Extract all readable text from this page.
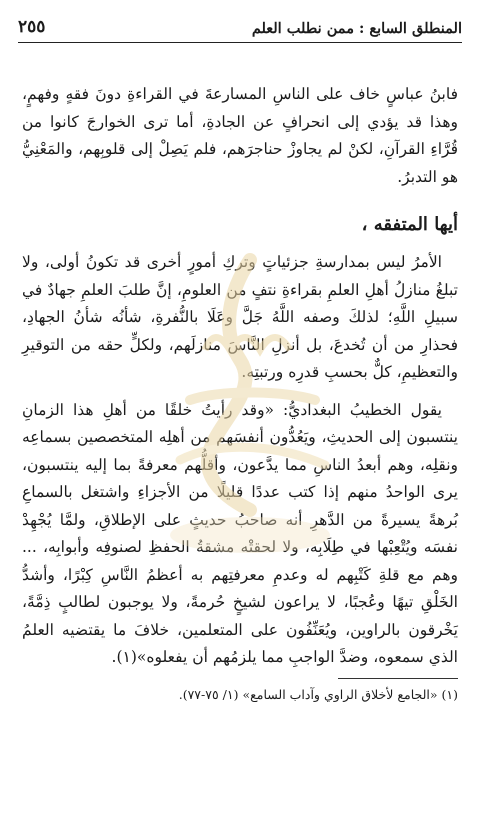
المنطلق السابع : ممن نطلب العلم
٢٥٥

فابنُ عباسٍ خاف على الناسِ المسارعةَ في القراءةِ دونَ فقهٍ وفهمٍ، وهذا قد يؤدي إلى انحرافٍ عن الجادةِ، أما ترى الخوارجَ كانوا من قُرَّاءِ القرآنِ، لكنْ لم يجاوزْ حناجرَهم، فلم يَصِلْ إلى قلوبِهم، والمَعْنِيُّ هو التدبرُ.

أيها المتفقه ،

الأمرُ ليس بمدارسةِ جزئياتٍ وتركِ أمورٍ أخرى قد تكونُ أولى، ولا تبلغُ منازلُ أهلِ العلمِ بقراءةِ نتفٍ من العلومِ، إنَّ طلبَ العلمِ جهادٌ في سبيلِ اللَّهِ؛ لذلكَ وصفه اللَّهُ جَلَّ وعَلَا بالنُّفرةِ، شأنُه شأنُ الجهادِ، فحذارِ من أن تُخدعَ، بل أنزلِ النَّاسَ منازلَهم، ولكلٍّ حقه من التوقيرِ والتعظيمِ، كلٌّ بحسبِ قدرِه ورتبتِه.

يقول الخطيبُ البغداديُّ: «وقد رأيتُ خلقًا من أهلِ هذا الزمانِ ينتسبون إلى الحديثِ، ويَعُدُّون أنفسَهم من أهلِه المتخصصين بسماعِه ونقلِه، وهم أبعدُ الناسِ مما يدَّعون، وأقلُّهم معرفةً بما إليه ينتسبون، يرى الواحدُ منهم إذا كتب عددًا قليلًا من الأجزاءِ واشتغل بالسماعِ بُرهةً يسيرةً من الدَّهرِ أنه صاحبُ حديثٍ على الإطلاقِ، ولمَّا يُجْهِدْ نفسَه ويُتْعِبْها في طِلَابِه، ولا لحقتْه مشقةُ الحفظِ لصنوفِه وأبوابِه، ... وهم مع قلةِ كَتْبِهم له وعدمِ معرفتِهم به أعظمُ النَّاسِ كِبْرًا، وأشدُّ الخَلْقِ تيهًا وعُجبًا، لا يراعون لشيخٍ حُرمةً، ولا يوجبون لطالبٍ ذِمَّةً، يَخْرقون بالراوين، ويُعَنِّفُون على المتعلمين، خلافَ ما يقتضيه العلمُ الذي سمعوه، وضدَّ الواجبِ مما يلزمُهم أن يفعلوه»(١).

(١) «الجامع لأخلاق الراوي وآداب السامع» (١/ ٧٥-٧٧).
